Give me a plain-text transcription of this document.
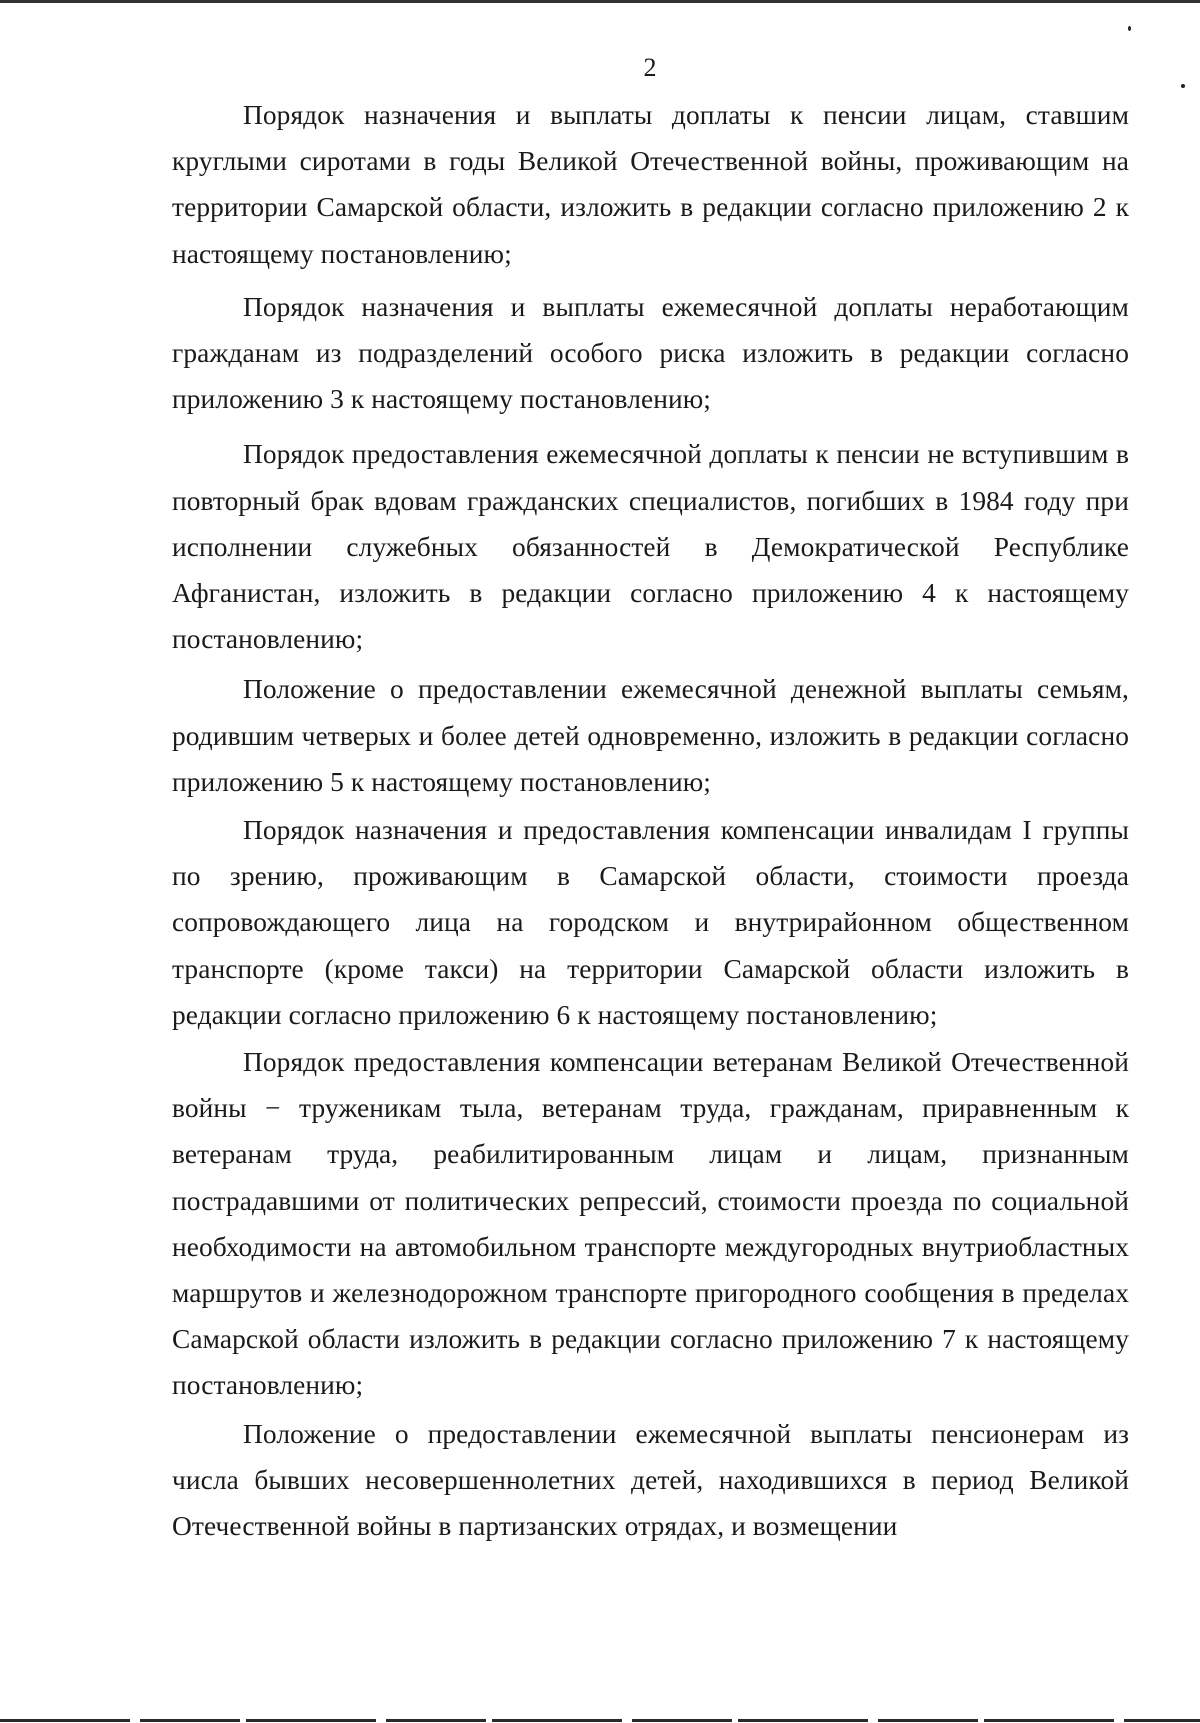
2

Порядок назначения и выплаты доплаты к пенсии лицам, ставшим круглыми сиротами в годы Великой Отечественной войны, проживающим на территории Самарской области, изложить в редакции согласно приложению 2 к настоящему постановлению;

Порядок назначения и выплаты ежемесячной доплаты неработающим гражданам из подразделений особого риска изложить в редакции согласно приложению 3 к настоящему постановлению;

Порядок предоставления ежемесячной доплаты к пенсии не вступившим в повторный брак вдовам гражданских специалистов, погибших в 1984 году при исполнении служебных обязанностей в Демократической Республике Афганистан, изложить в редакции согласно приложению 4 к настоящему постановлению;

Положение о предоставлении ежемесячной денежной выплаты семьям, родившим четверых и более детей одновременно, изложить в редакции согласно приложению 5 к настоящему постановлению;

Порядок назначения и предоставления компенсации инвалидам I группы по зрению, проживающим в Самарской области, стоимости проезда сопровождающего лица на городском и внутрирайонном общественном транспорте (кроме такси) на территории Самарской области изложить в редакции согласно приложению 6 к настоящему постановлению;

Порядок предоставления компенсации ветеранам Великой Отечественной войны − труженикам тыла, ветеранам труда, гражданам, приравненным к ветеранам труда, реабилитированным лицам и лицам, признанным пострадавшими от политических репрессий, стоимости проезда по социальной необходимости на автомобильном транспорте междугородных внутриобластных маршрутов и железнодорожном транспорте пригородного сообщения в пределах Самарской области изложить в редакции согласно приложению 7 к настоящему постановлению;

Положение о предоставлении ежемесячной выплаты пенсионерам из числа бывших несовершеннолетних детей, находившихся в период Великой Отечественной войны в партизанских отрядах, и возмещении
